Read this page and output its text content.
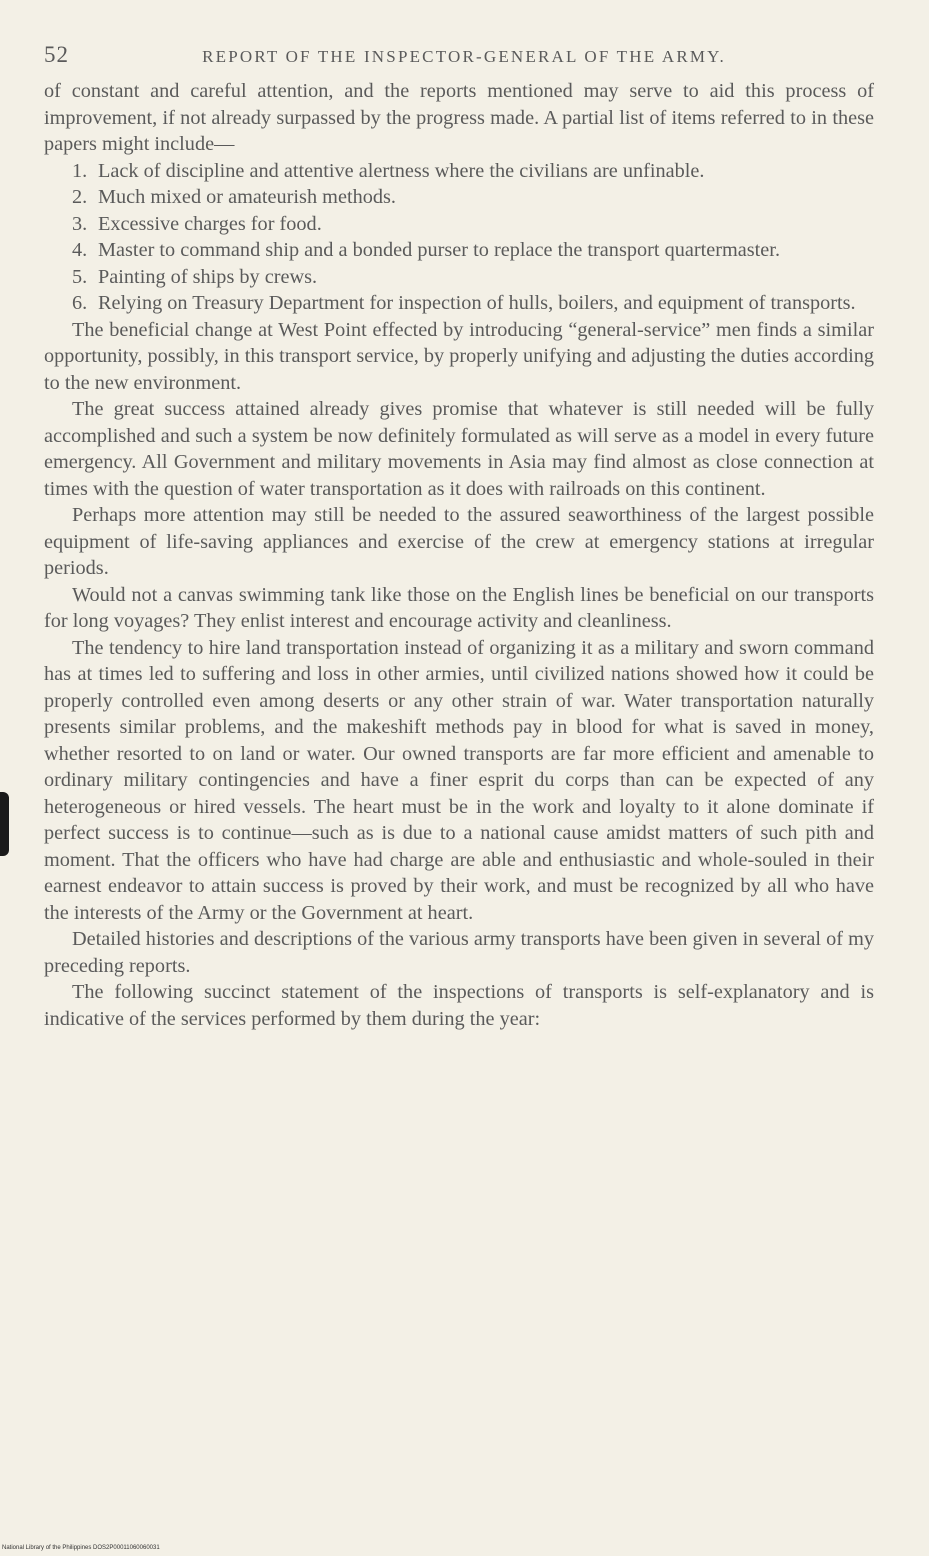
52	REPORT OF THE INSPECTOR-GENERAL OF THE ARMY.

of constant and careful attention, and the reports mentioned may serve to aid this process of improvement, if not already surpassed by the progress made. A partial list of items referred to in these papers might include—

1. Lack of discipline and attentive alertness where the civilians are unfinable.

2. Much mixed or amateurish methods.

3. Excessive charges for food.

4. Master to command ship and a bonded purser to replace the transport quartermaster.

5. Painting of ships by crews.

6. Relying on Treasury Department for inspection of hulls, boilers, and equipment of transports.

The beneficial change at West Point effected by introducing “general-service” men finds a similar opportunity, possibly, in this transport service, by properly unifying and adjusting the duties according to the new environment.

The great success attained already gives promise that whatever is still needed will be fully accomplished and such a system be now definitely formulated as will serve as a model in every future emergency. All Government and military movements in Asia may find almost as close connection at times with the question of water transportation as it does with railroads on this continent.

Perhaps more attention may still be needed to the assured seaworthiness of the largest possible equipment of life-saving appliances and exercise of the crew at emergency stations at irregular periods.

Would not a canvas swimming tank like those on the English lines be beneficial on our transports for long voyages? They enlist interest and encourage activity and cleanliness.

The tendency to hire land transportation instead of organizing it as a military and sworn command has at times led to suffering and loss in other armies, until civilized nations showed how it could be properly controlled even among deserts or any other strain of war. Water transportation naturally presents similar problems, and the makeshift methods pay in blood for what is saved in money, whether resorted to on land or water. Our owned transports are far more efficient and amenable to ordinary military contingencies and have a finer esprit du corps than can be expected of any heterogeneous or hired vessels. The heart must be in the work and loyalty to it alone dominate if perfect success is to continue—such as is due to a national cause amidst matters of such pith and moment. That the officers who have had charge are able and enthusiastic and whole-souled in their earnest endeavor to attain success is proved by their work, and must be recognized by all who have the interests of the Army or the Government at heart.

Detailed histories and descriptions of the various army transports have been given in several of my preceding reports.

The following succinct statement of the inspections of transports is self-explanatory and is indicative of the services performed by them during the year:

National Library of the Philippines DOS2P00011060060031
